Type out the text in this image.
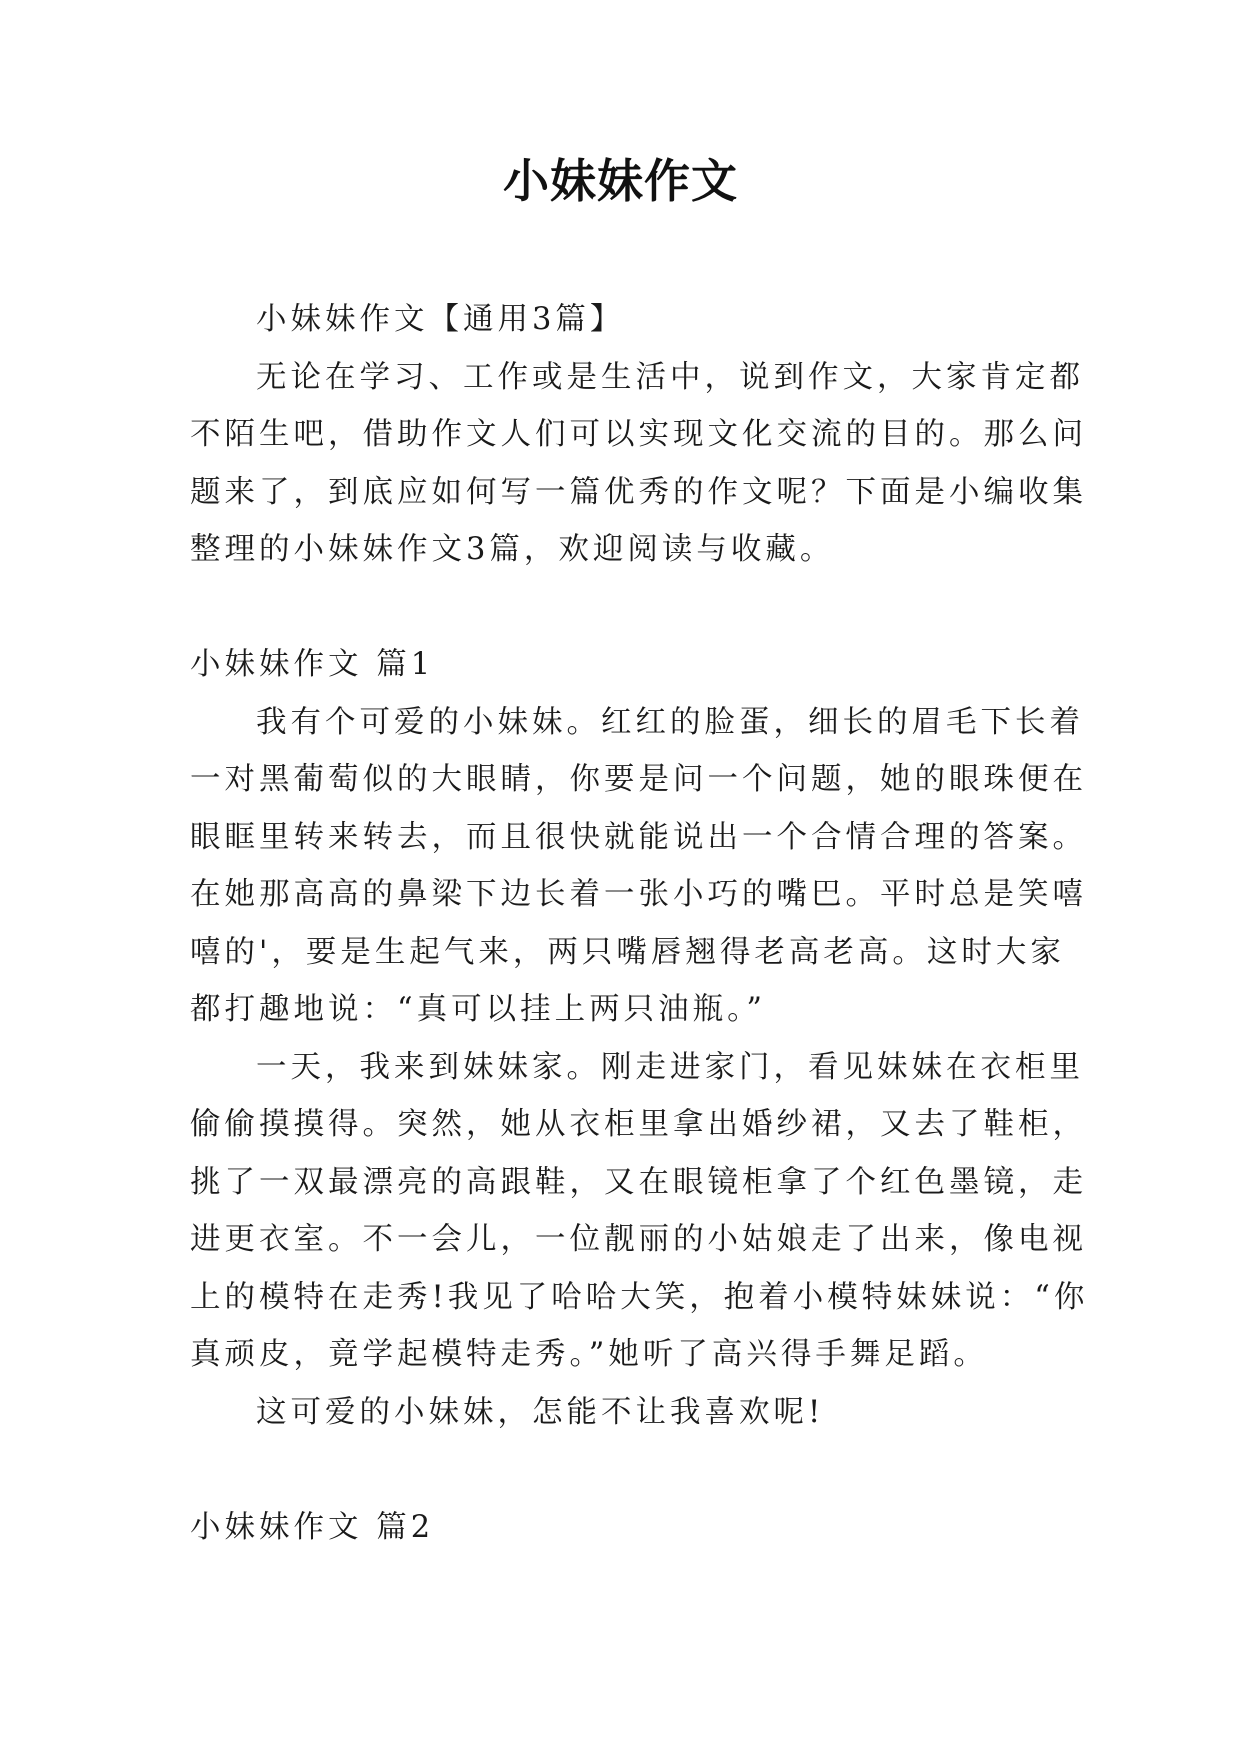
小妹妹作文
小妹妹作文【通用3篇】
无论在学习、工作或是生活中，说到作文，大家肯定都
不陌生吧，借助作文人们可以实现文化交流的目的。那么问
题来了，到底应如何写一篇优秀的作文呢？下面是小编收集
整理的小妹妹作文3篇，欢迎阅读与收藏。
小妹妹作文 篇1
我有个可爱的小妹妹。红红的脸蛋，细长的眉毛下长着
一对黑葡萄似的大眼睛，你要是问一个问题，她的眼珠便在
眼眶里转来转去，而且很快就能说出一个合情合理的答案。
在她那高高的鼻梁下边长着一张小巧的嘴巴。平时总是笑嘻
嘻的'，要是生起气来，两只嘴唇翘得老高老高。这时大家
都打趣地说：“真可以挂上两只油瓶。”
一天，我来到妹妹家。刚走进家门，看见妹妹在衣柜里
偷偷摸摸得。突然，她从衣柜里拿出婚纱裙，又去了鞋柜，
挑了一双最漂亮的高跟鞋，又在眼镜柜拿了个红色墨镜，走
进更衣室。不一会儿，一位靓丽的小姑娘走了出来，像电视
上的模特在走秀!我见了哈哈大笑，抱着小模特妹妹说：“你
真顽皮，竟学起模特走秀。”她听了高兴得手舞足蹈。
这可爱的小妹妹，怎能不让我喜欢呢!
小妹妹作文 篇2
